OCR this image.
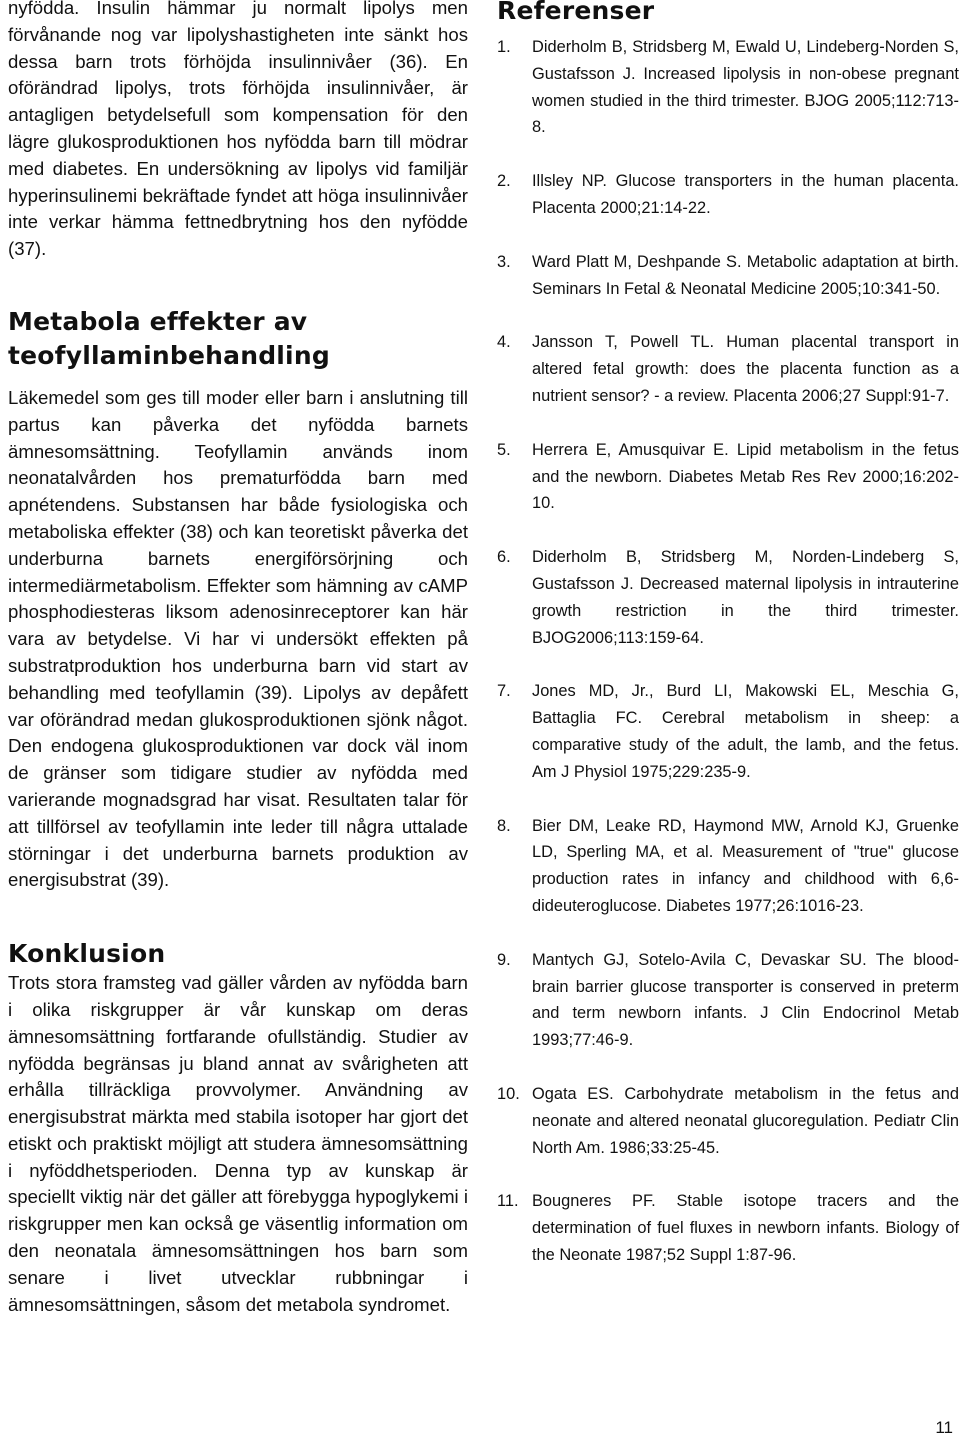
nyfödda. Insulin hämmar ju normalt lipolys men förvånande nog var lipolyshastigheten inte sänkt hos dessa barn trots förhöjda insulinnivåer (36). En oförändrad lipolys, trots förhöjda insulinnivåer, är antagligen betydelsefull som kompensation för den lägre glukosproduktionen hos nyfödda barn till mödrar med diabetes. En undersökning av lipolys vid familjär hyperinsulinemi bekräftade fyndet att höga insulinnivåer inte verkar hämma fettnedbrytning hos den nyfödde (37).

Metabola effekter av
teofyllaminbehandling

Läkemedel som ges till moder eller barn i anslutning till partus kan påverka det nyfödda barnets ämnesomsättning. Teofyllamin används inom neonatalvården hos prematurfödda barn med apnétendens. Substansen har både fysiologiska och metaboliska effekter (38) och kan teoretiskt påverka det underburna barnets energiförsörjning och intermediärmetabolism. Effekter som hämning av cAMP phosphodiesteras liksom adenosinreceptorer kan här vara av betydelse. Vi har vi undersökt effekten på substratproduktion hos underburna barn vid start av behandling med teofyllamin (39). Lipolys av depåfett var oförändrad medan glukosproduktionen sjönk något. Den endogena glukosproduktionen var dock väl inom de gränser som tidigare studier av nyfödda med varierande mognadsgrad har visat. Resultaten talar för att tillförsel av teofyllamin inte leder till några uttalade störningar i det underburna barnets produktion av energisubstrat (39).

Konklusion

Trots stora framsteg vad gäller vården av nyfödda barn i olika riskgrupper är vår kunskap om deras ämnesomsättning fortfarande ofullständig. Studier av nyfödda begränsas ju bland annat av svårigheten att erhålla tillräckliga provvolymer. Användning av energisubstrat märkta med stabila isotoper har gjort det etiskt och praktiskt möjligt att studera ämnesomsättning i nyföddhetsperioden. Denna typ av kunskap är speciellt viktig när det gäller att förebygga hypoglykemi i riskgrupper men kan också ge väsentlig information om den neonatala ämnesomsättningen hos barn som senare i livet utvecklar rubbningar i ämnesomsättningen, såsom det metabola syndromet.

Referenser
1. Diderholm B, Stridsberg M, Ewald U, Lindeberg-Norden S, Gustafsson J. Increased lipolysis in non-obese pregnant women studied in the third trimester. BJOG 2005;112:713-8.
2. Illsley NP. Glucose transporters in the human placenta. Placenta 2000;21:14-22.
3. Ward Platt M, Deshpande S. Metabolic adaptation at birth. Seminars In Fetal & Neonatal Medicine 2005;10:341-50.
4. Jansson T, Powell TL. Human placental transport in altered fetal growth: does the placenta function as a nutrient sensor? - a review. Placenta 2006;27 Suppl:91-7.
5. Herrera E, Amusquivar E. Lipid metabolism in the fetus and the newborn. Diabetes Metab Res Rev 2000;16:202-10.
6. Diderholm B, Stridsberg M, Norden-Lindeberg S, Gustafsson J. Decreased maternal lipolysis in intrauterine growth restriction in the third trimester. BJOG2006;113:159-64.
7. Jones MD, Jr., Burd LI, Makowski EL, Meschia G, Battaglia FC. Cerebral metabolism in sheep: a comparative study of the adult, the lamb, and the fetus. Am J Physiol 1975;229:235-9.
8. Bier DM, Leake RD, Haymond MW, Arnold KJ, Gruenke LD, Sperling MA, et al. Measurement of "true" glucose production rates in infancy and childhood with 6,6-dideuteroglucose. Diabetes 1977;26:1016-23.
9. Mantych GJ, Sotelo-Avila C, Devaskar SU. The blood-brain barrier glucose transporter is conserved in preterm and term newborn infants. J Clin Endocrinol Metab 1993;77:46-9.
10. Ogata ES. Carbohydrate metabolism in the fetus and neonate and altered neonatal glucoregulation. Pediatr Clin North Am. 1986;33:25-45.
11. Bougneres PF. Stable isotope tracers and the determination of fuel fluxes in newborn infants. Biology of the Neonate 1987;52 Suppl 1:87-96.
11
